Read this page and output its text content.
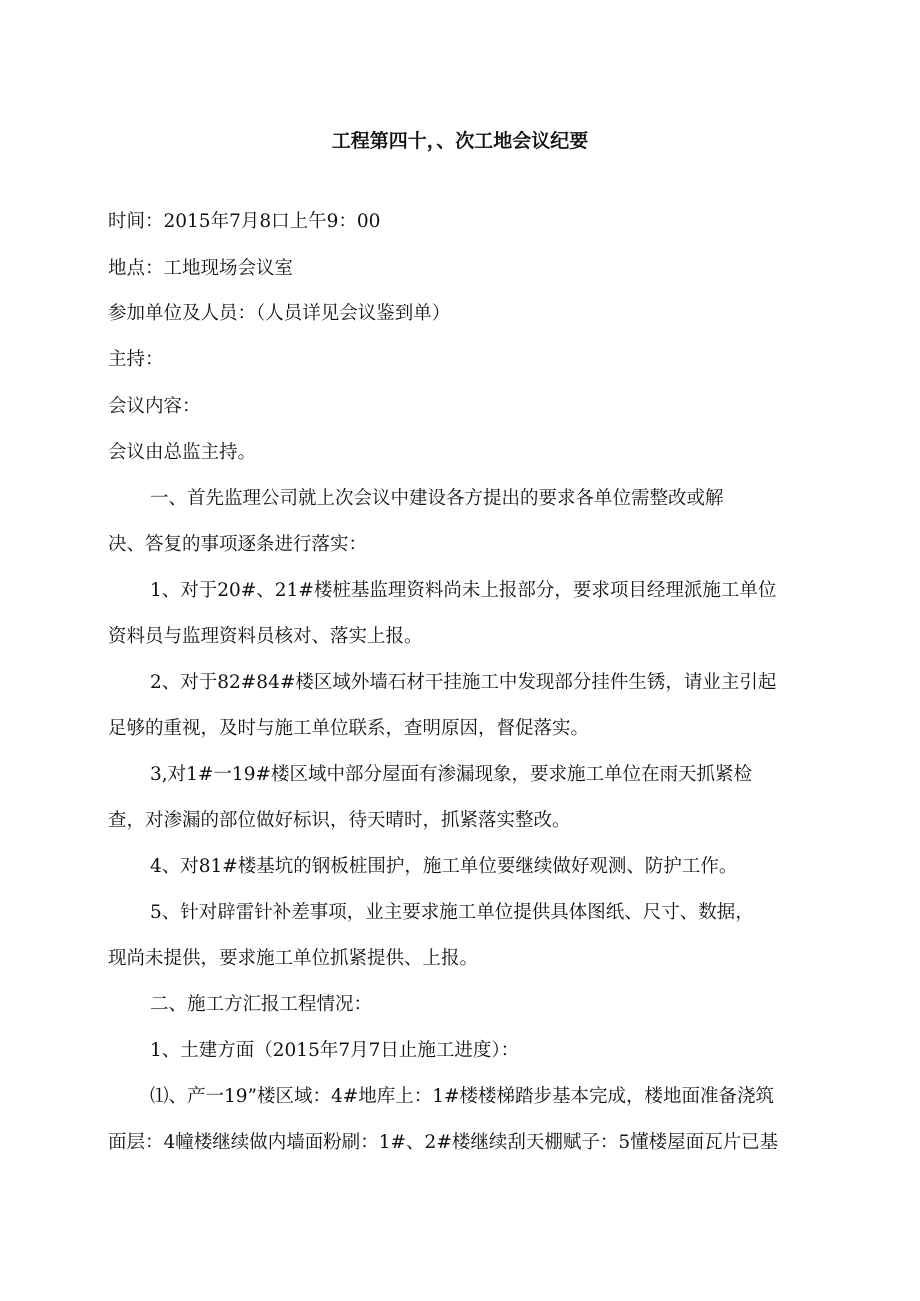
工程第四十，、次工地会议纪要
时间：2015年7月8口上午9：00
地点：工地现场会议室
参加单位及人员：（人员详见会议鉴到单）
主持：
会议内容：
会议由总监主持。
一、首先监理公司就上次会议中建设各方提出的要求各单位需整改或解
决、答复的事项逐条进行落实：
1、对于20#、21#楼桩基监理资料尚未上报部分，要求项目经理派施工单位
资料员与监理资料员核对、落实上报。
2、对于82#84#楼区域外墙石材干挂施工中发现部分挂件生锈，请业主引起
足够的重视，及时与施工单位联系，查明原因，督促落实。
3,对1#一19#楼区域中部分屋面有渗漏现象，要求施工单位在雨天抓紧检
查，对渗漏的部位做好标识，待天晴时，抓紧落实整改。
4、对81#楼基坑的钢板桩围护，施工单位要继续做好观测、防护工作。
5、针对辟雷针补差事项，业主要求施工单位提供具体图纸、尺寸、数据，
现尚未提供，要求施工单位抓紧提供、上报。
二、施工方汇报工程情况：
1、土建方面（2015年7月7日止施工进度）：
⑴、产一19”楼区域：4#地库上：1#楼楼梯踏步基本完成，楼地面准备浇筑
面层：4幢楼继续做内墙面粉刷：1#、2#楼继续刮天棚赋子：5懂楼屋面瓦片已基
